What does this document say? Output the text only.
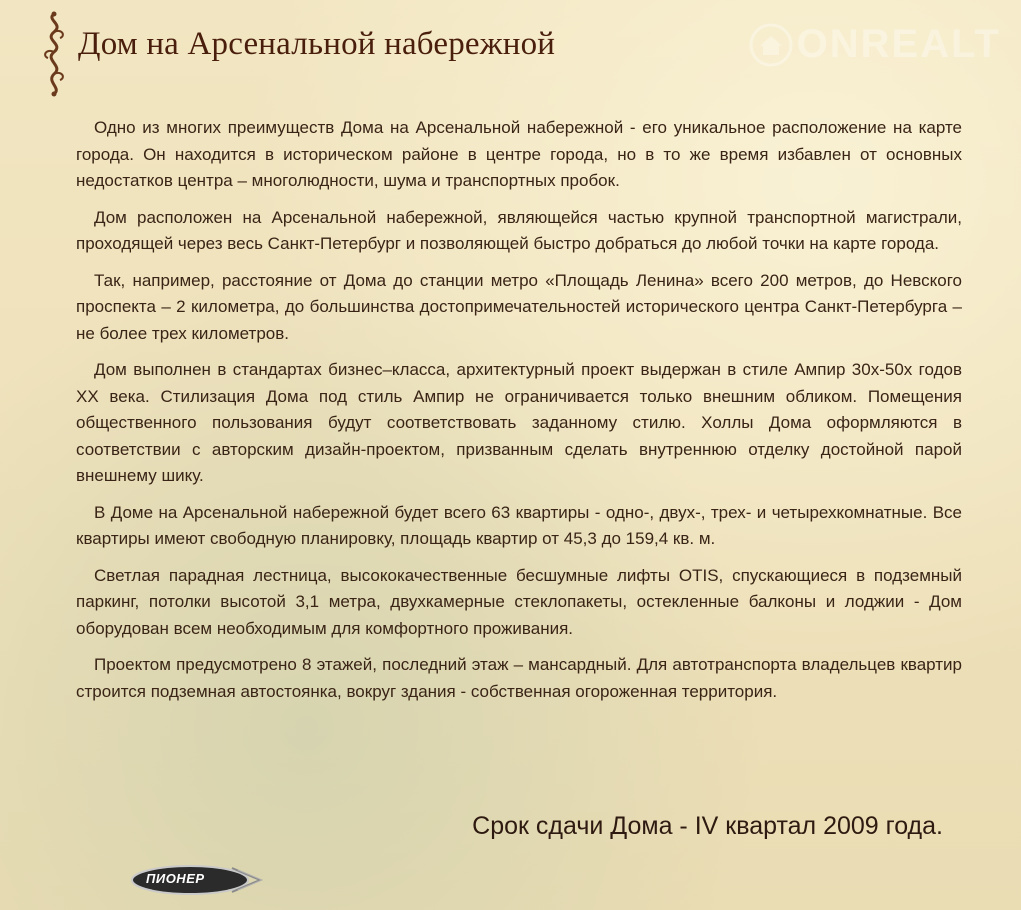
Дом на Арсенальной набережной	ONREALT

Одно из многих преимуществ Дома на Арсенальной набережной - его уникальное расположение на карте города. Он находится в историческом районе в центре города, но в то же время избавлен от основных недостатков центра – многолюдности, шума и транспортных пробок.

Дом расположен на Арсенальной набережной, являющейся частью крупной транспортной магистрали, проходящей через весь Санкт-Петербург и позволяющей быстро добраться до любой точки на карте города.

Так, например, расстояние от Дома до станции метро «Площадь Ленина» всего 200 метров, до Невского проспекта – 2 километра, до большинства достопримечательностей исторического центра Санкт-Петербурга – не более трех километров.

Дом выполнен в стандартах бизнес–класса, архитектурный проект выдержан в стиле Ампир 30х-50х годов XX века. Стилизация Дома под стиль Ампир не ограничивается только внешним обликом. Помещения общественного пользования будут соответствовать заданному стилю. Холлы Дома оформляются в соответствии с авторским дизайн-проектом, призванным сделать внутреннюю отделку достойной парой внешнему шику.

В Доме на Арсенальной набережной будет всего 63 квартиры - одно-, двух-, трех- и четырехкомнатные. Все квартиры имеют свободную планировку, площадь квартир от 45,3 до 159,4 кв. м.

Светлая парадная лестница, высококачественные бесшумные лифты OTIS, спускающиеся в подземный паркинг, потолки высотой 3,1 метра, двухкамерные стеклопакеты, остекленные балконы и лоджии - Дом оборудован всем необходимым для комфортного проживания.

Проектом предусмотрено 8 этажей, последний этаж – мансардный. Для автотранспорта владельцев квартир строится подземная автостоянка, вокруг здания - собственная огороженная территория.

Срок сдачи Дома - IV квартал 2009 года.

ПИОНЕР
